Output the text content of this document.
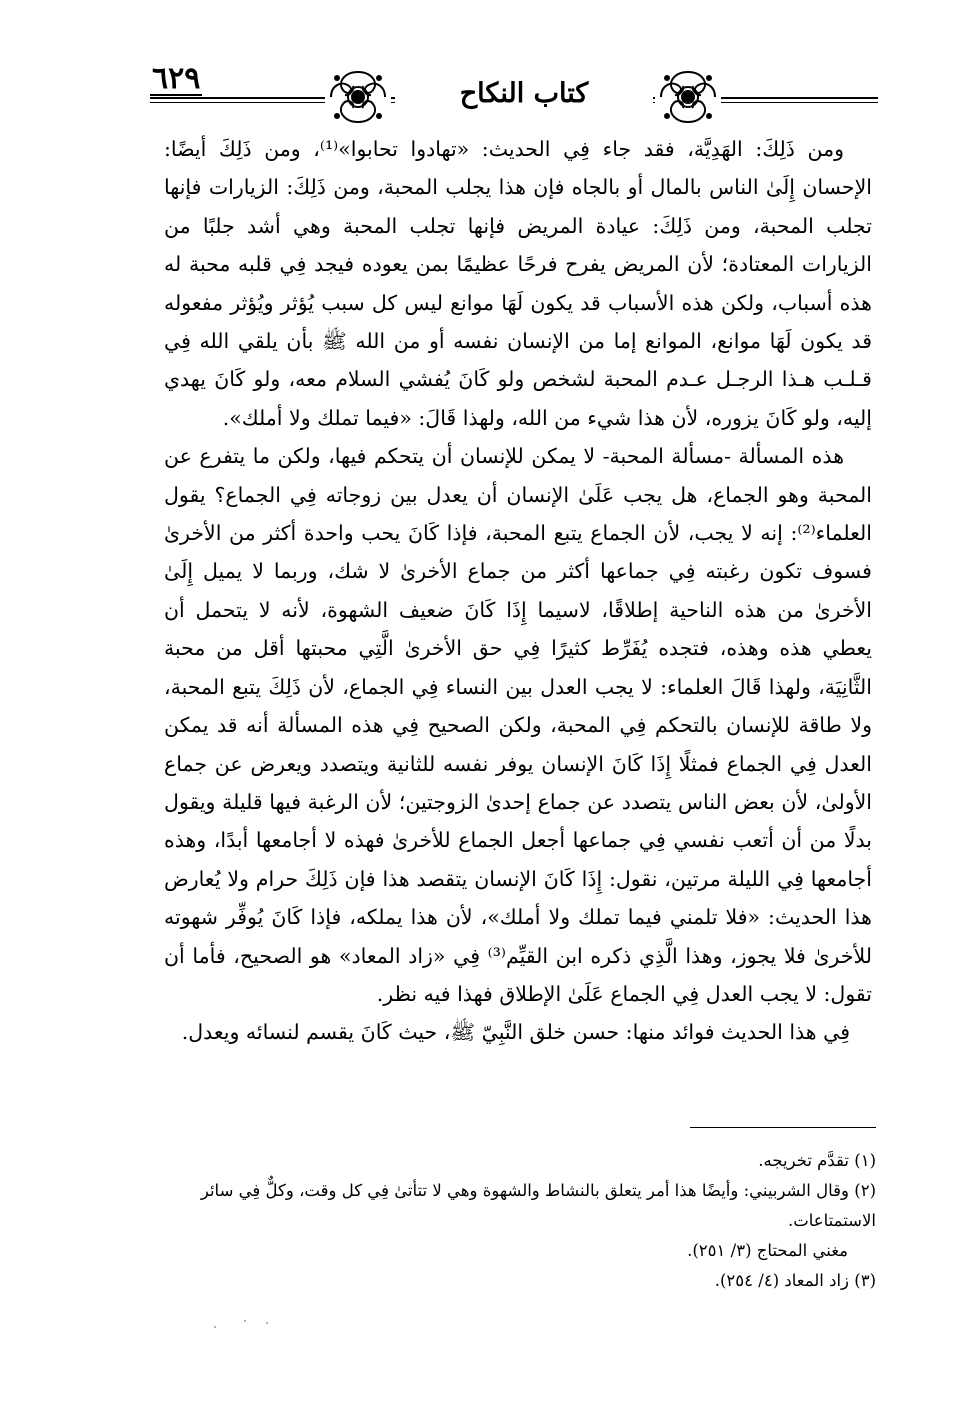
٦٢٩	كتاب النكاح

ومن ذَلِكَ: الهَدِيَّة، فقد جاء فِي الحديث: «تهادوا تحابوا»⁽¹⁾، ومن ذَلِكَ أيضًا: الإحسان إِلَىٰ الناس بالمال أو بالجاه فإن هذا يجلب المحبة، ومن ذَلِكَ: الزيارات فإنها تجلب المحبة، ومن ذَلِكَ: عيادة المريض فإنها تجلب المحبة وهي أشد جلبًا من الزيارات المعتادة؛ لأن المريض يفرح فرحًا عظيمًا بمن يعوده فيجد فِي قلبه محبة له هذه أسباب، ولكن هذه الأسباب قد يكون لَهَا موانع ليس كل سبب يُؤثر ويُؤثر مفعوله قد يكون لَهَا موانع، الموانع إما من الإنسان نفسه أو من الله ﷺ بأن يلقي الله فِي قـلـب هـذا الرجـل عـدم المحبة لشخص ولو كَانَ يُفشي السلام معه، ولو كَانَ يهدي إليه، ولو كَانَ يزوره، لأن هذا شيء من الله، ولهذا قَالَ: «فيما تملك ولا أملك».

هذه المسألة -مسألة المحبة- لا يمكن للإنسان أن يتحكم فيها، ولكن ما يتفرع عن المحبة وهو الجماع، هل يجب عَلَىٰ الإنسان أن يعدل بين زوجاته فِي الجماع؟ يقول العلماء⁽²⁾: إنه لا يجب، لأن الجماع يتبع المحبة، فإذا كَانَ يحب واحدة أكثر من الأخرىٰ فسوف تكون رغبته فِي جماعها أكثر من جماع الأخرىٰ لا شك، وربما لا يميل إِلَىٰ الأخرىٰ من هذه الناحية إطلاقًا، لاسيما إِذَا كَانَ ضعيف الشهوة، لأنه لا يتحمل أن يعطي هذه وهذه، فتجده يُفَرِّط كثيرًا فِي حق الأخرىٰ الَّتِي محبتها أقل من محبة الثَّانِيَة، ولهذا قَالَ العلماء: لا يجب العدل بين النساء فِي الجماع، لأن ذَلِكَ يتبع المحبة، ولا طاقة للإنسان بالتحكم فِي المحبة، ولكن الصحيح فِي هذه المسألة أنه قد يمكن العدل فِي الجماع فمثلًا إِذَا كَانَ الإنسان يوفر نفسه للثانية ويتصدد ويعرض عن جماع الأولىٰ، لأن بعض الناس يتصدد عن جماع إحدىٰ الزوجتين؛ لأن الرغبة فيها قليلة ويقول بدلًا من أن أتعب نفسي فِي جماعها أجعل الجماع للأخرىٰ فهذه لا أجامعها أبدًا، وهذه أجامعها فِي الليلة مرتين، نقول: إِذَا كَانَ الإنسان يتقصد هذا فإن ذَلِكَ حرام ولا يُعارض هذا الحديث: «فلا تلمني فيما تملك ولا أملك»، لأن هذا يملكه، فإذا كَانَ يُوفِّر شهوته للأخرىٰ فلا يجوز، وهذا الَّذِي ذكره ابن القيِّم⁽³⁾ فِي «زاد المعاد» هو الصحيح، فأما أن تقول: لا يجب العدل فِي الجماع عَلَىٰ الإطلاق فهذا فيه نظر.

فِي هذا الحديث فوائد منها: حسن خلق النَّبِيّ ﷺ، حيث كَانَ يقسم لنسائه ويعدل.

(١) تقدَّم تخريجه.
(٢) وقال الشربيني: وأيضًا هذا أمر يتعلق بالنشاط والشهوة وهي لا تتأتىٰ فِي كل وقت، وكلٌّ فِي سائر الاستمتاعات.
مغني المحتاج (٣/ ٢٥١).
(٣) زاد المعاد (٤/ ٢٥٤).
